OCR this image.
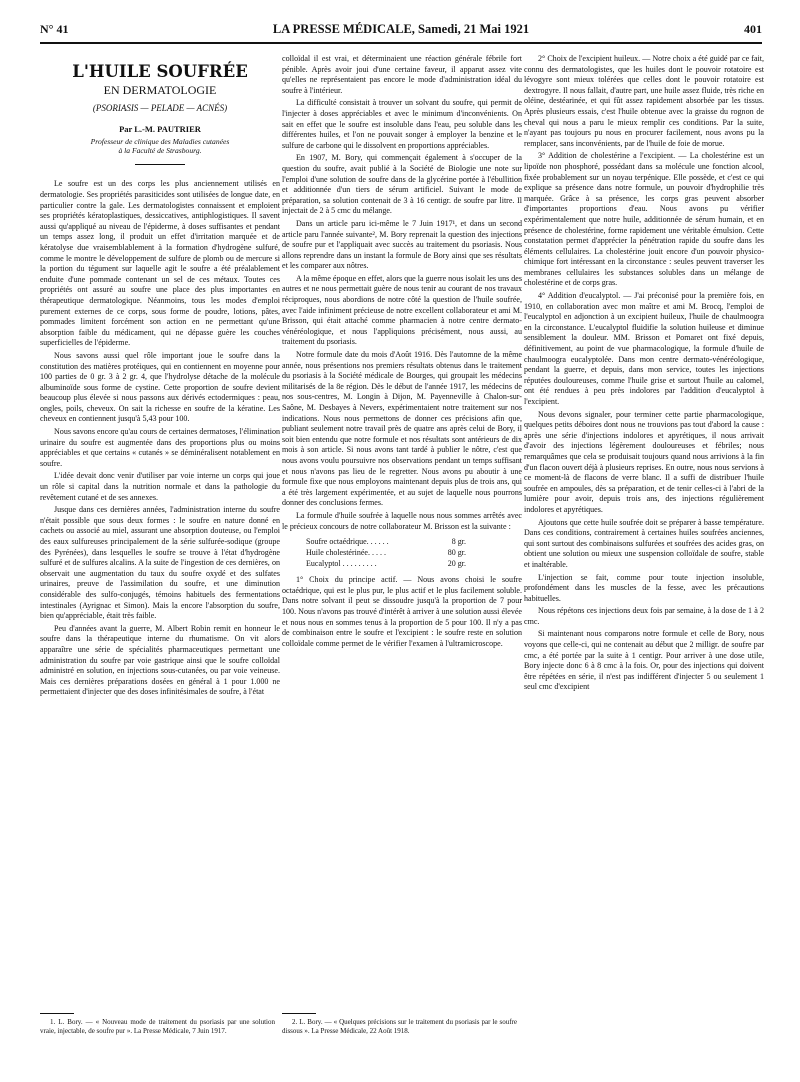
N° 41	LA PRESSE MÉDICALE, Samedi, 21 Mai 1921	401
L'HUILE SOUFRÉE
EN DERMATOLOGIE
(PSORIASIS — PELADE — ACNÉS)
Par L.-M. PAUTRIER
Professeur de clinique des Maladies cutanées
à la Faculté de Strasbourg.

Le soufre est un des corps les plus anciennement utilisés en dermatologie. Ses propriétés parasiticides sont utilisées de longue date, en particulier contre la gale. Les dermatologistes connaissent et emploient ses propriétés kératoplastiques, dessiccatives, antiphlogistiques. Il savent aussi qu'appliqué au niveau de l'épiderme, à doses suffisantes et pendant un temps assez long, il produit un effet d'irritation marquée et de kératolyse due vraisemblablement à la formation d'hydrogène sulfuré, comme le montre le développement de sulfure de plomb ou de mercure si la portion du tégument sur laquelle agit le soufre a été préalablement enduite d'une pommade contenant un sel de ces métaux. Toutes ces propriétés ont assuré au soufre une place des plus importantes en thérapeutique dermatologique. Néanmoins, tous les modes d'emploi purement externes de ce corps, sous forme de poudre, lotions, pâtes, pommades limitent forcément son action en ne permettant qu'une absorption faible du médicament, qui ne dépasse guère les couches superficielles de l'épiderme.

Nous savons aussi quel rôle important joue le soufre dans la constitution des matières protéiques, qui en contiennent en moyenne pour 100 parties de 0 gr. 3 à 2 gr. 4, que l'hydrolyse détache de la molécule albuminoïde sous forme de cystine. Cette proportion de soufre devient beaucoup plus élevée si nous passons aux dérivés ectodermiques : peau, ongles, poils, cheveux. On sait la richesse en soufre de la kératine. Les cheveux en contiennent jusqu'à 5,43 pour 100.

Nous savons encore qu'au cours de certaines dermatoses, l'élimination urinaire du soufre est augmentée dans des proportions plus ou moins appréciables et que certains « cutanés » se déminéralisent notablement en soufre.

L'idée devait donc venir d'utiliser par voie interne un corps qui joue un rôle si capital dans la nutrition normale et dans la pathologie du revêtement cutané et de ses annexes.

Jusque dans ces dernières années, l'administration interne du soufre n'était possible que sous deux formes : le soufre en nature donné en cachets ou associé au miel, assurant une absorption douteuse, ou l'emploi des eaux sulfureuses principalement de la série sulfurée-sodique (groupe des Pyrénées), dans lesquelles le soufre se trouve à l'état d'hydrogène sulfuré et de sulfures alcalins. A la suite de l'ingestion de ces dernières, on observait une augmentation du taux du soufre oxydé et des sulfates urinaires, preuve de l'assimilation du soufre, et une diminution considérable des sulfo-conjugés, témoins habituels des fermentations intestinales (Ayrignac et Simon). Mais la encore l'absorption du soufre, bien qu'appréciable, était très faible.

Peu d'années avant la guerre, M. Albert Robin remit en honneur le soufre dans la thérapeutique interne du rhumatisme. On vit alors apparaître une série de spécialités pharmaceutiques permettant une administration du soufre par voie gastrique ainsi que le soufre colloïdal administré en solution, en injections sous-cutanées, ou par voie veineuse. Mais ces dernières préparations dosées en général à 1 pour 1.000 ne permettaient d'injecter que des doses infinitésimales de soufre, à l'état

colloïdal il est vrai, et déterminaient une réaction générale fébrile fort pénible. Après avoir joui d'une certaine faveur, il apparut assez vite qu'elles ne représentaient pas encore le mode d'administration idéal du soufre à l'intérieur.

La difficulté consistait à trouver un solvant du soufre, qui permit de l'injecter à doses appréciables et avec le minimum d'inconvénients. On sait en effet que le soufre est insoluble dans l'eau, peu soluble dans les différentes huiles, et l'on ne pouvait songer à employer la benzine et le sulfure de carbone qui le dissolvent en proportions appréciables.

En 1907, M. Bory, qui commençait également à s'occuper de la question du soufre, avait publié à la Société de Biologie une note sur l'emploi d'une solution de soufre dans de la glycérine portée à l'ébullition et additionnée d'un tiers de sérum artificiel. Suivant le mode de préparation, sa solution contenait de 3 à 16 centigr. de soufre par litre. Il injectait de 2 à 5 cmc du mélange.

Dans un article paru ici-même le 7 Juin 1917¹, et dans un second article paru l'année suivante², M. Bory reprenait la question des injections de soufre pur et l'appliquait avec succès au traitement du psoriasis. Nous allons reprendre dans un instant la formule de Bory ainsi que ses résultats et les comparer aux nôtres.

A la même époque en effet, alors que la guerre nous isolait les uns des autres et ne nous permettait guère de nous tenir au courant de nos travaux réciproques, nous abordions de notre côté la question de l'huile soufrée, avec l'aide infiniment précieuse de notre excellent collaborateur et ami M. Brisson, qui était attaché comme pharmacien à notre centre dermato-vénéréologique, et nous l'appliquions précisément, nous aussi, au traitement du psoriasis.

Notre formule date du mois d'Août 1916. Dès l'automne de la même année, nous présentions nos premiers résultats obtenus dans le traitement du psoriasis à la Société médicale de Bourges, qui groupait les médecins militarisés de la 8e région. Dès le début de l'année 1917, les médecins de nos sous-centres, M. Longin à Dijon, M. Payenneville à Chalon-sur-Saône, M. Desbayes à Nevers, expérimentaient notre traitement sur nos indications. Nous nous permettons de donner ces précisions afin que, publiant seulement notre travail près de quatre ans après celui de Bory, il soit bien entendu que notre formule et nos résultats sont antérieurs de dix mois à son article. Si nous avons tant tardé à publier le nôtre, c'est que nous avons voulu poursuivre nos observations pendant un temps suffisant et nous n'avons pas lieu de le regretter. Nous avons pu aboutir à une formule fixe que nous employons maintenant depuis plus de trois ans, qui a été très largement expérimentée, et au sujet de laquelle nous pourrons donner des conclusions fermes.

La formule d'huile soufrée à laquelle nous nous sommes arrêtés avec le précieux concours de notre collaborateur M. Brisson est la suivante :

Soufre octaédrique. . . . . .	8 gr.
Huile cholestérinée. . . . .	80 gr.
Eucalyptol . . . . . . . . .	20 gr.

1° Choix du principe actif. — Nous avons choisi le soufre octaédrique, qui est le plus pur, le plus actif et le plus facilement soluble. Dans notre solvant il peut se dissoudre jusqu'à la proportion de 7 pour 100. Nous n'avons pas trouvé d'intérêt à arriver à une solution aussi élevée et nous nous en sommes tenus à la proportion de 5 pour 100. Il n'y a pas de combinaison entre le soufre et l'excipient : le soufre reste en solution colloïdale comme permet de le vérifier l'examen à l'ultramicroscope.

2° Choix de l'excipient huileux. — Notre choix a été guidé par ce fait, connu des dermatologistes, que les huiles dont le pouvoir rotatoire est lévogyre sont mieux tolérées que celles dont le pouvoir rotatoire est dextrogyre. Il nous fallait, d'autre part, une huile assez fluide, très riche en oléine, destéarinée, et qui fût assez rapidement absorbée par les tissus. Après plusieurs essais, c'est l'huile obtenue avec la graisse du rognon de cheval qui nous a paru le mieux remplir ces conditions. Par la suite, n'ayant pas toujours pu nous en procurer facilement, nous avons pu la remplacer, sans inconvénients, par de l'huile de foie de morue.

3° Addition de cholestérine a l'excipient. — La cholestérine est un lipoïde non phosphoré, possédant dans sa molécule une fonction alcool, fixée probablement sur un noyau terpénique. Elle possède, et c'est ce qui explique sa présence dans notre formule, un pouvoir d'hydrophilie très marquée. Grâce à sa présence, les corps gras peuvent absorber d'importantes proportions d'eau. Nous avons pu vérifier expérimentalement que notre huile, additionnée de sérum humain, et en présence de cholestérine, forme rapidement une véritable émulsion. Cette constatation permet d'apprécier la pénétration rapide du soufre dans les éléments cellulaires. La cholestérine jouit encore d'un pouvoir physico-chimique fort intéressant en la circonstance : seules peuvent traverser les membranes cellulaires les substances solubles dans un mélange de cholestérine et de corps gras.

4° Addition d'eucalyptol. — J'ai préconisé pour la première fois, en 1910, en collaboration avec mon maître et ami M. Brocq, l'emploi de l'eucalyptol en adjonction à un excipient huileux, l'huile de chaulmoogra en la circonstance. L'eucalyptol fluidifie la solution huileuse et diminue sensiblement la douleur. MM. Brisson et Pomaret ont fixé depuis, définitivement, au point de vue pharmacologique, la formule d'huile de chaulmoogra eucalyptolée. Dans mon centre dermato-vénéréologique, pendant la guerre, et depuis, dans mon service, toutes les injections réputées douloureuses, comme l'huile grise et surtout l'huile au calomel, ont été rendues à peu près indolores par l'addition d'eucalyptol à l'excipient.

Nous devons signaler, pour terminer cette partie pharmacologique, quelques petits déboires dont nous ne trouvions pas tout d'abord la cause : après une série d'injections indolores et apyrétiques, il nous arrivait d'avoir des injections légèrement douloureuses et fébriles; nous remarquâmes que cela se produisait toujours quand nous arrivions à la fin d'un flacon ouvert déjà à plusieurs reprises. En outre, nous nous servions à ce moment-là de flacons de verre blanc. Il a suffi de distribuer l'huile soufrée en ampoules, dès sa préparation, et de tenir celles-ci à l'abri de la lumière pour avoir, depuis trois ans, des injections régulièrement indolores et apyrétiques.

Ajoutons que cette huile soufrée doit se préparer à basse température. Dans ces conditions, contrairement à certaines huiles soufrées anciennes, qui sont surtout des combinaisons sulfurées et soufrées des acides gras, on obtient une solution ou mieux une suspension colloïdale de soufre, stable et inaltérable.

L'injection se fait, comme pour toute injection insoluble, profondément dans les muscles de la fesse, avec les précautions habituelles.

Nous répétons ces injections deux fois par semaine, à la dose de 1 à 2 cmc.

Si maintenant nous comparons notre formule et celle de Bory, nous voyons que celle-ci, qui ne contenait au début que 2 milligr. de soufre par cmc, a été portée par la suite à 1 centigr. Pour arriver à une dose utile, Bory injecte donc 6 à 8 cmc à la fois. Or, pour des injections qui doivent être répétées en série, il n'est pas indifférent d'injecter 5 ou seulement 1 seul cmc d'excipient

1. L. Bory. — « Nouveau mode de traitement du psoriasis par une solution vraie, injectable, de soufre pur ». La Presse Médicale, 7 Juin 1917.
2. L. Bory. — « Quelques précisions sur le traitement du psoriasis par le soufre dissous ». La Presse Médicale, 22 Août 1918.
